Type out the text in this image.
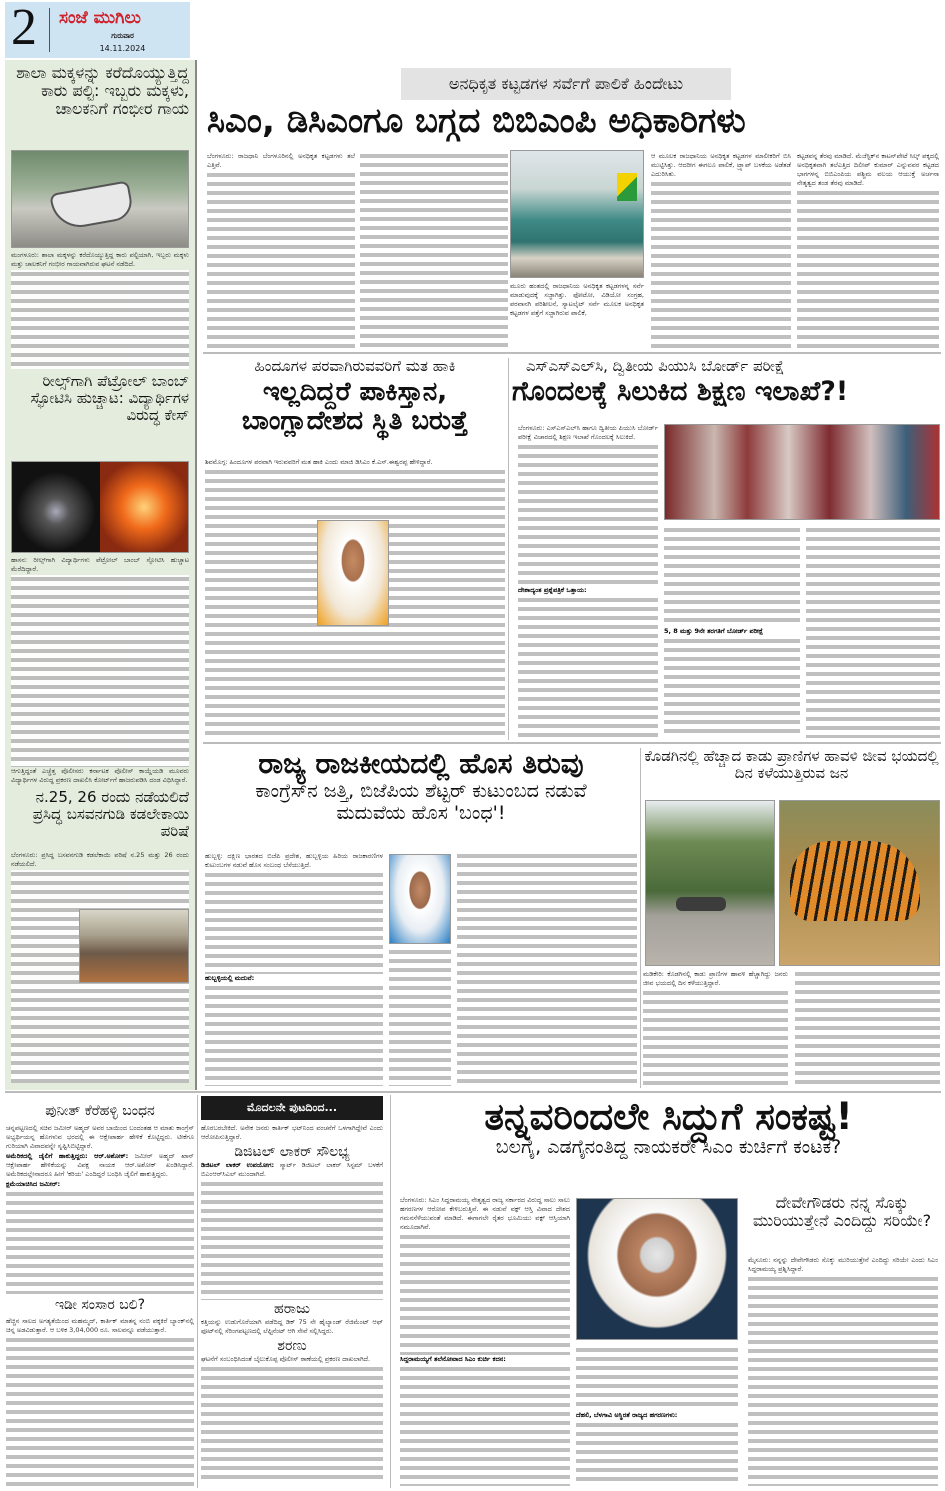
2 ಸಂಜೆ ಮುಗಿಲು
ಗುರುವಾರ
14.11.2024
ಶಾಲಾ ಮಕ್ಕಳನ್ನು ಕರೆದೊಯ್ಯುತ್ತಿದ್ದ ಕಾರು ಪಲ್ಟಿ: ಇಬ್ಬರು ಮಕ್ಕಳು, ಚಾಲಕನಿಗೆ ಗಂಭೀರ ಗಾಯ

ಮಂಗಳೂರು: ಶಾಲಾ ಮಕ್ಕಳನ್ನು ಕರೆದೊಯ್ಯುತ್ತಿದ್ದ ಕಾರು ಪಲ್ಟಿಯಾಗಿ, ಇಬ್ಬರು ಮಕ್ಕಳು ಮತ್ತು ಚಾಲಕನಿಗೆ ಗಂಭೀರ ಗಾಯವಾಗಿರುವ ಘಟನೆ ನಡೆದಿದೆ.

ರೀಲ್ಸ್‌ಗಾಗಿ ಪೆಟ್ರೋಲ್ ಬಾಂಬ್ ಸ್ಫೋಟಿಸಿ ಹುಚ್ಚಾಟ: ವಿದ್ಯಾರ್ಥಿಗಳ ವಿರುದ್ಧ ಕೇಸ್

ಹಾಸನ: ರೀಲ್ಸ್‌ಗಾಗಿ ವಿದ್ಯಾರ್ಥಿಗಳು ಪೆಟ್ರೋಲ್ ಬಾಂಬ್ ಸ್ಫೋಟಿಸಿ ಹುಚ್ಚಾಟ ಮೆರೆದಿದ್ದಾರೆ.

ಆಗುತ್ತಿದ್ದಂತೆ ಎಚ್ಚೆತ್ತ ಪೊಲೀಸರು ಕರ್ನಾಟಕ ಪೊಲೀಸ್ ಕಾಯ್ದೆಯಡಿ ಮೂವರು ವಿದ್ಯಾರ್ಥಿಗಳ ವಿರುದ್ಧ ಪ್ರಕರಣ ದಾಖಲಿಸಿ ಕೋರ್ಟ್‌ಗೆ ಹಾಜರುಪಡಿಸಿ ದಂಡ ವಿಧಿಸಿದ್ದಾರೆ.

ನ.25, 26 ರಂದು ನಡೆಯಲಿದೆ ಪ್ರಸಿದ್ಧ ಬಸವನಗುಡಿ ಕಡಲೇಕಾಯಿ ಪರಿಷೆ

ಬೆಂಗಳೂರು: ಪ್ರಸಿದ್ಧ ಬಸವನಗುಡಿ ಕಡಲೆಕಾಯಿ ಪರಿಷೆ ನ.25 ಮತ್ತು 26 ರಂದು ನಡೆಯಲಿದೆ.

ಅನಧಿಕೃತ ಕಟ್ಟಡಗಳ ಸರ್ವೆಗೆ ಪಾಲಿಕೆ ಹಿಂದೇಟು
ಸಿಎಂ, ಡಿಸಿಎಂಗೂ ಬಗ್ಗದ ಬಿಬಿಎಂಪಿ ಅಧಿಕಾರಿಗಳು

ಬೆಂಗಳೂರು: ರಾಜಧಾನಿ ಬೆಂಗಳೂರಿನಲ್ಲಿ ಅನಧಿಕೃತ ಕಟ್ಟಡಗಳು ತಲೆ ಎತ್ತಿವೆ.

ಮೂರು ಹಂತದಲ್ಲಿ ರಾಜಧಾನಿಯ ಅನಧಿಕೃತ ಕಟ್ಟಡಗಳನ್ನ ಸರ್ವೆ ಮಾಡುವುದಕ್ಕೆ ಸಜ್ಜಾಗಿತ್ತು. ಫೋಟೋ, ವಿಡಿಯೋ ಸಂಗ್ರಹ, ಪರವಾನಗಿ ಪರಿಶೀಲನೆ, ಸ್ಯಾಟಲೈಟ್ ಸರ್ವೆ ಮೂಲಕ ಅನಧಿಕೃತ ಕಟ್ಟಡಗಳ ಪತ್ತೆಗೆ ಸಜ್ಜಾಗಿರುವ ಪಾಲಿಕೆ,

ಆ ಮೂಲಕ ರಾಜಧಾನಿಯ ಅನಧಿಕೃತ ಕಟ್ಟಡಗಳ ಮಾಲೀಕರಿಗೆ ಬಿಸಿ ಮುಟ್ಟಿಸಿತ್ತು. ಆದರೀಗ ಈಗಲೂ ಪಾಲಿಕೆ, ಟ್ರ್ಯಾಪ್ ಬಳಕೆಯ ಅಡೆತಡೆ ಎದುರಿಸಿತು.

ಕಟ್ಟಡವನ್ನ ತೆರವು ಮಾಡಿದೆ. ಮೆಜೆಸ್ಟಿಕ್‌ನ ಕಾಟನ್‌ಪೇಟೆ ಸಿಲ್ಕ್ ಪಕ್ಕದಲ್ಲಿ ಅನಧಿಕೃತವಾಗಿ ತಲೆಎತ್ತಿದ ದಿಲೀಪ್ ಕುಮಾರ್ ಎನ್ನುವವರ ಕಟ್ಟಡದ ಭಾಗಗಳನ್ನ ಬಿಬಿಎಂಪಿಯ ಪಶ್ಚಿಮ ವಲಯ ಆಯುಕ್ತೆ ಅರ್ಚನಾ ನೇತೃತ್ವದ ತಂಡ ತೆರವು ಮಾಡಿದೆ.

ಹಿಂದೂಗಳ ಪರವಾಗಿರುವವರಿಗೆ ಮತ ಹಾಕಿ
ಇಲ್ಲದಿದ್ದರೆ ಪಾಕಿಸ್ತಾನ, ಬಾಂಗ್ಲಾದೇಶದ ಸ್ಥಿತಿ ಬರುತ್ತೆ

ಶಿವಮೊಗ್ಗ: ಹಿಂದೂಗಳ ಪರವಾಗಿ ಇರುವವರಿಗೆ ಮತ ಹಾಕಿ ಎಂದು ಮಾಜಿ ಡಿಸಿಎಂ ಕೆ.ಎಸ್.ಈಶ್ವರಪ್ಪ ಹೇಳಿದ್ದಾರೆ.

ಎಸ್‌ಎಸ್‌ಎಲ್‌ಸಿ, ದ್ವಿತೀಯ ಪಿಯುಸಿ ಬೋರ್ಡ್ ಪರೀಕ್ಷೆ
ಗೊಂದಲಕ್ಕೆ ಸಿಲುಕಿದ ಶಿಕ್ಷಣ ಇಲಾಖೆ?!

ಬೆಂಗಳೂರು: ಎಸ್‌ಎಸ್‌ಎಲ್‌ಸಿ ಹಾಗೂ ದ್ವಿತೀಯ ಪಿಯುಸಿ ಬೋರ್ಡ್ ಪರೀಕ್ಷೆ ವಿಚಾರದಲ್ಲಿ ಶಿಕ್ಷಣ ಇಲಾಖೆ ಗೊಂದಲಕ್ಕೆ ಸಿಲುಕಿದೆ.

ದೇಶಾದ್ಯಂತ ಪ್ರಶ್ನೆಪತ್ರಿಕೆ ಒತ್ತಾಯ:

5, 8 ಮತ್ತು 9ನೇ ತರಗತಿಗೆ ಬೋರ್ಡ್ ಪರೀಕ್ಷೆ

ರಾಜ್ಯ ರಾಜಕೀಯದಲ್ಲಿ ಹೊಸ ತಿರುವು
ಕಾಂಗ್ರೆಸ್‌ನ ಜತ್ತಿ, ಬಿಜೆಪಿಯ ಶೆಟ್ಟರ್ ಕುಟುಂಬದ ನಡುವೆ ಮದುವೆಯ ಹೊಸ 'ಬಂಧ'!

ಹುಬ್ಬಳ್ಳಿ: ದಕ್ಷಿಣ ಭಾರತದ ಬಿಜೆಪಿ ಪ್ರದೇಶ, ಹುಬ್ಬಳ್ಳಿಯ ಹಿರಿಯ ರಾಜಕಾರಣಿಗಳ ಕುಟುಂಬಗಳ ನಡುವೆ ಹೊಸ ಸಂಬಂಧ ಬೆಸೆಯುತ್ತಿದೆ.

ಹುಬ್ಬಳ್ಳಿಯಲ್ಲಿ ಮದುವೆ:

ಕೊಡಗಿನಲ್ಲಿ ಹೆಚ್ಚಾದ ಕಾಡು ಪ್ರಾಣಿಗಳ ಹಾವಳಿ ಜೀವ ಭಯದಲ್ಲಿ ದಿನ ಕಳೆಯುತ್ತಿರುವ ಜನ

ಮಡಿಕೇರಿ: ಕೊಡಗಿನಲ್ಲಿ ಕಾಡು ಪ್ರಾಣಿಗಳ ಹಾವಳಿ ಹೆಚ್ಚಾಗಿದ್ದು ಜನರು ಜೀವ ಭಯದಲ್ಲಿ ದಿನ ಕಳೆಯುತ್ತಿದ್ದಾರೆ.

ಪುನೀತ್ ಕೆರೆಹಳ್ಳಿ ಬಂಧನ

ಚನ್ನಪಟ್ಟಣದಲ್ಲಿ ಸಚಿವ ಜಮೀರ್ ಅಹ್ಮದ್ ಅವರ ಬಾಯಿಂದ ಬಂದಂತಹ ಆ ಮಾತು ಕಾಂಗ್ರೆಸ್ ಅಭ್ಯರ್ಥಿಯನ್ನ ಹೊಗಳುವ ಭರದಲ್ಲಿ ಈ ಆಕ್ಷೇಪಾರ್ಹ ಹೇಳಿಕೆ ಕೊಟ್ಟಿದ್ದರು. ಟೀಕೆಗೂ ಗುರಿಯಾಗಿ ವಿವಾದವನ್ನೇ ಸೃಷ್ಟಿಸಿಬಿಟ್ಟಿದ್ದಾರೆ.

ಅಮೆರಿಕದಲ್ಲಿ ಜೈಲಿಗೆ ಹಾಕುತ್ತಿದ್ದರು: ಆರ್.ಅಶೋಕ್: ಜಮೀರ್ ಅಹ್ಮದ್ ಖಾನ್ ಆಕ್ಷೇಪಾರ್ಹ ಹೇಳಿಕೆಯನ್ನು ವಿಪಕ್ಷ ನಾಯಕ ಆರ್.ಅಶೋಕ್ ಖಂಡಿಸಿದ್ದಾರೆ. ಅಮೆರಿಕದಲ್ಲೇನಾದರೂ ಹೀಗೆ 'ಕರಿಯ' ಎಂದಿದ್ದರೆ ಬಂಧಿಸಿ ಜೈಲಿಗೆ ಹಾಕುತ್ತಿದ್ದರು.

ಕ್ಷಮೆಯಾಚಿಸಿದ ಜಮೀರ್:

ಇಡೀ ಸಂಸಾರ ಬಲಿ?

ಹೆಚ್ಚಿನ ಸಾಲದ ಅಗತ್ಯತೆಯಿಂದ ಮಹಮ್ಮದ್, ಕಾರ್ತಿಕ್ ಮಾತನ್ನ ನಂಬಿ ಪಕ್ಕಕಿರೆ ಬ್ಯಾಂಕ್‌ನಲ್ಲಿ ಚಿನ್ನ ಅಡವಿಡುತ್ತಾರೆ. ಆ ಬಳಿಕ 3,04,000 ರೂ. ಸಾಲವನ್ನೂ ಪಡೆಯುತ್ತಾರೆ.

ಮೊದಲನೇ ಪುಟದಿಂದ...

ಹೊರಬರಬೇಕಿದೆ. ಅನೇಕ ಜನರು ಕಾರ್ತಿಕ್ ಭಟ್‌ನಿಂದ ವಂಚನೆಗೆ ಒಳಗಾಗಿದ್ದೇವೆ ಎಂದು ಆರೋಪಿಸುತ್ತಿದ್ದಾರೆ.

ಡಿಜಿಟಲ್ ಲಾಕರ್ ಸೌಲಭ್ಯ

ಡಿಜಿಟಲ್ ಲಾಕರ್ ಉಪಯೋಗ: ಸ್ಮಾರ್ಟ್ ಡಿಜಿಟಲ್ ಲಾಕರ್ ಸಿಸ್ಟಮ್ ಬಳಕೆಗೆ ಬಿಎಂಆರ್‌ಸಿಎಲ್ ಮುಂದಾಗಿದೆ.

ಹರಾಜು

ಕತ್ತಿಯನ್ನು ಉಡುಗೊರೆಯಾಗಿ ಪಡೆದಿದ್ದ ಡಿಕ್ 75 ನೇ ಹೈಲ್ಯಾಂಡ್ ರೆಜಿಮೆಂಟ್ ಆಫ್ ಫೂಟ್‌ನಲ್ಲಿ ಸೆರಿಂಗಪಟ್ಟಣದಲ್ಲಿ ಲೆಫ್ಟಿನೆಂಟ್ ಆಗಿ ಸೇವೆ ಸಲ್ಲಿಸಿದ್ದರು.

ಶರಣು

ಘಟನೆಗೆ ಸಂಬಂಧಿಸಿದಂತೆ ಬೈಲುಕೊಪ್ಪ ಪೊಲೀಸ್ ಠಾಣೆಯಲ್ಲಿ ಪ್ರಕರಣ ದಾಖಲಾಗಿದೆ.

ತನ್ನವರಿಂದಲೇ ಸಿದ್ದುಗೆ ಸಂಕಷ್ಟ!
ಬಲಗೈ, ಎಡಗೈನಂತಿದ್ದ ನಾಯಕರೇ ಸಿಎಂ ಕುರ್ಚಿಗೆ ಕಂಟಕ?

ಬೆಂಗಳೂರು: ಸಿಎಂ ಸಿದ್ದರಾಮಯ್ಯ ನೇತೃತ್ವದ ರಾಜ್ಯ ಸರ್ಕಾರದ ವಿರುದ್ಧ ಸಾಲು ಸಾಲು ಹಗರಣಗಳ ಆರೋಪ ಕೇಳಿಬರುತ್ತಿವೆ. ಈ ನಡುವೆ ವಕ್ಫ್ ಆಸ್ತಿ ವಿವಾದ ದೇಶದ ಗಮನಸೆಳೆಯುವಂತೆ ಮಾಡಿದೆ. ಈಗಾಗಲೇ ರೈತರ ಭೂಮಿಯು ವಕ್ಫ್ ಆಸ್ತಿಯಾಗಿ ನಮೂದಾಗಿವೆ.

ಸಿದ್ದರಾಮಯ್ಯಗೆ ತಲೆನೋವಾದ ಸಿಎಂ ಕುರ್ಚಿ ಕದನ:

ದೆಹಲಿ, ಬೆಳಗಾವಿ ಅಸ್ಥಿರತೆ ರಾಜ್ಯದ ಹಗರಣಗಳು:

ದೇವೇಗೌಡರು ನನ್ನ ಸೊಕ್ಕು ಮುರಿಯುತ್ತೇನೆ ಎಂದಿದ್ದು ಸರಿಯೇ?

ಮೈಸೂರು: ನನ್ನನ್ನು ದೇವೇಗೌಡರು ಸೊಕ್ಕು ಮುರಿಯುತ್ತೇನೆ ಎಂದಿದ್ದು ಸರಿಯೇ ಎಂದು ಸಿಎಂ ಸಿದ್ದರಾಮಯ್ಯ ಪ್ರಶ್ನಿಸಿದ್ದಾರೆ.
